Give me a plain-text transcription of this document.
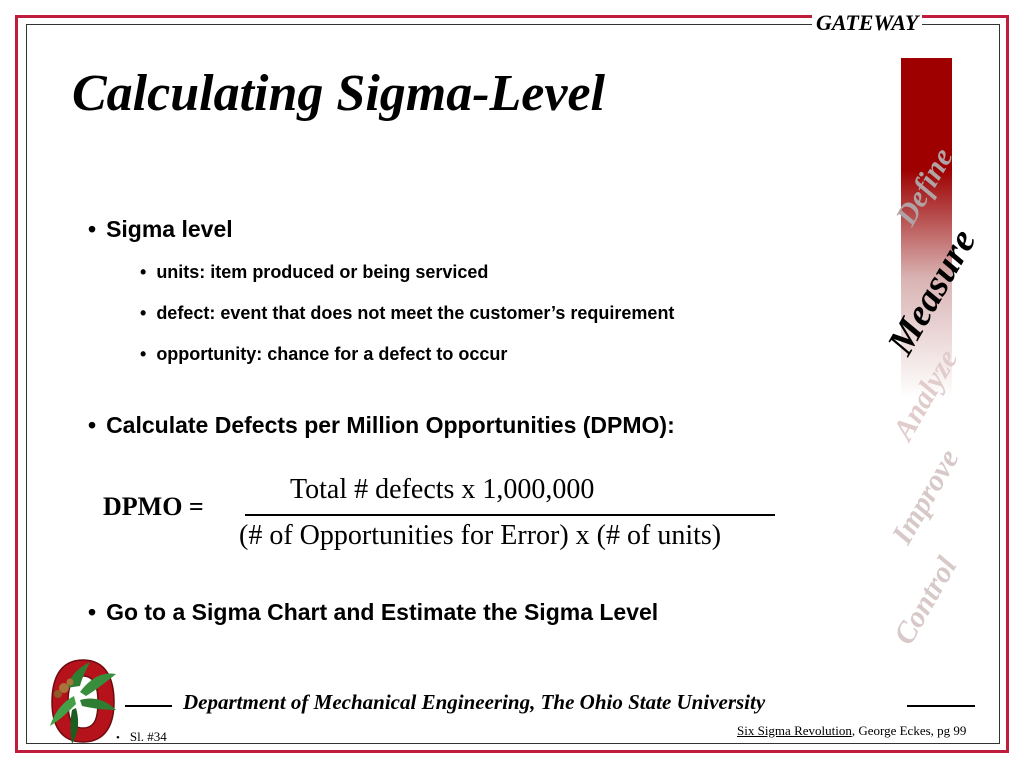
GATEWAY
Calculating Sigma-Level
Define
Measure
Analyze
Improve
Control
• Sigma level
• units: item produced or being serviced
• defect: event that does not meet the customer’s requirement
• opportunity: chance for a defect to occur
• Calculate Defects per Million Opportunities (DPMO):
DPMO =
Total # defects x 1,000,000
(# of Opportunities for Error) x (# of units)
• Go to a Sigma Chart and Estimate the Sigma Level
Department of Mechanical Engineering, The Ohio State University
• Sl. #34	Six Sigma Revolution, George Eckes, pg 99
